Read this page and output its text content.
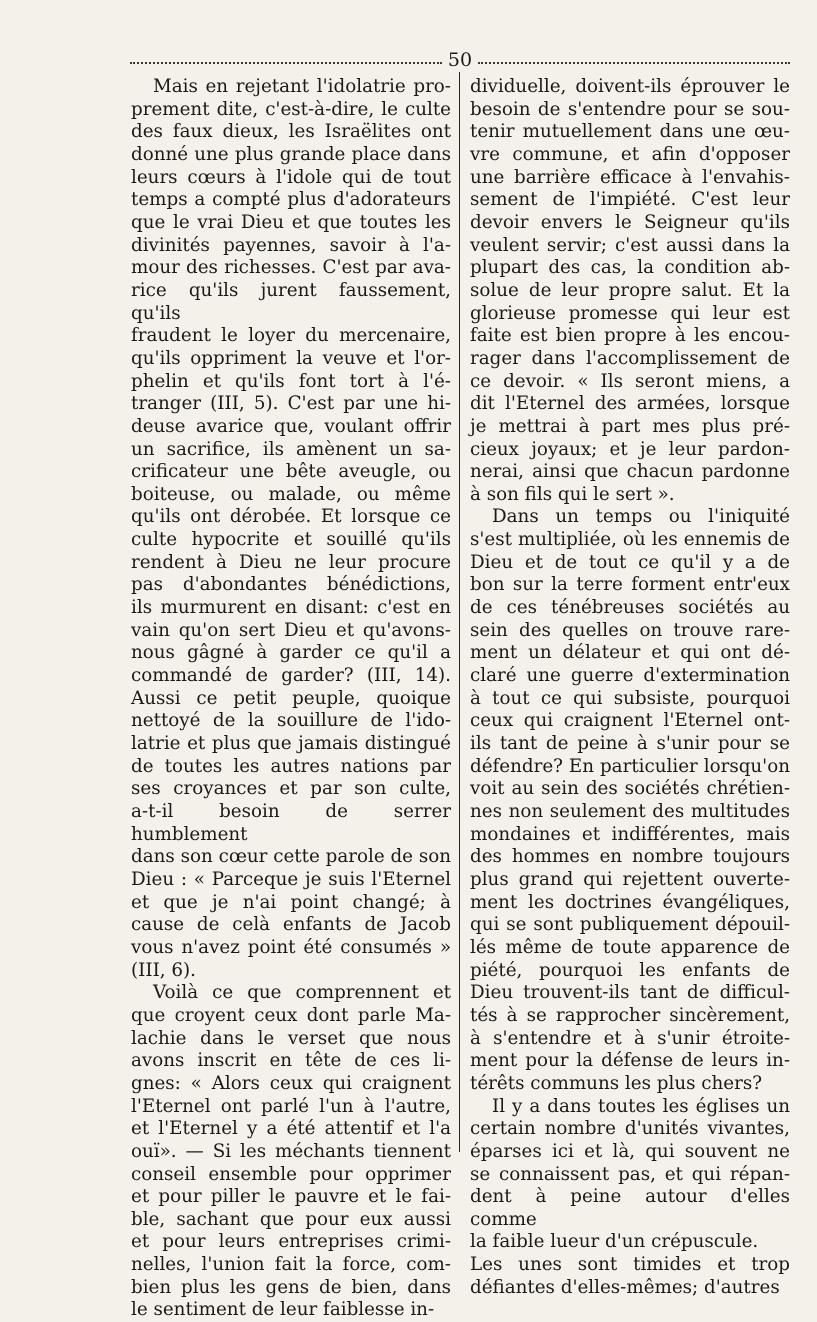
50
Mais en rejetant l'idolatrie pro-
prement dite, c'est-à-dire, le culte
des faux dieux, les Israëlites ont
donné une plus grande place dans
leurs cœurs à l'idole qui de tout
temps a compté plus d'adorateurs
que le vrai Dieu et que toutes les
divinités payennes, savoir à l'a-
mour des richesses. C'est par ava-
rice qu'ils jurent faussement, qu'ils
fraudent le loyer du mercenaire,
qu'ils oppriment la veuve et l'or-
phelin et qu'ils font tort à l'é-
tranger (III, 5). C'est par une hi-
deuse avarice que, voulant offrir
un sacrifice, ils amènent un sa-
crificateur une bête aveugle, ou
boiteuse, ou malade, ou même
qu'ils ont dérobée. Et lorsque ce
culte hypocrite et souillé qu'ils
rendent à Dieu ne leur procure
pas d'abondantes bénédictions,
ils murmurent en disant: c'est en
vain qu'on sert Dieu et qu'avons-
nous gâgné à garder ce qu'il a
commandé de garder? (III, 14).
Aussi ce petit peuple, quoique
nettoyé de la souillure de l'ido-
latrie et plus que jamais distingué
de toutes les autres nations par
ses croyances et par son culte,
a-t-il besoin de serrer humblement
dans son cœur cette parole de son
Dieu : « Parceque je suis l'Eternel
et que je n'ai point changé; à
cause de celà enfants de Jacob
vous n'avez point été consumés »
(III, 6).
Voilà ce que comprennent et
que croyent ceux dont parle Ma-
lachie dans le verset que nous
avons inscrit en tête de ces li-
gnes: « Alors ceux qui craignent
l'Eternel ont parlé l'un à l'autre,
et l'Eternel y a été attentif et l'a
ouï». — Si les méchants tiennent
conseil ensemble pour opprimer
et pour piller le pauvre et le fai-
ble, sachant que pour eux aussi
et pour leurs entreprises crimi-
nelles, l'union fait la force, com-
bien plus les gens de bien, dans
le sentiment de leur faiblesse in-
dividuelle, doivent-ils éprouver le
besoin de s'entendre pour se sou-
tenir mutuellement dans une œu-
vre commune, et afin d'opposer
une barrière efficace à l'envahis-
sement de l'impiété. C'est leur
devoir envers le Seigneur qu'ils
veulent servir; c'est aussi dans la
plupart des cas, la condition ab-
solue de leur propre salut. Et la
glorieuse promesse qui leur est
faite est bien propre à les encou-
rager dans l'accomplissement de
ce devoir. « Ils seront miens, a
dit l'Eternel des armées, lorsque
je mettrai à part mes plus pré-
cieux joyaux; et je leur pardon-
nerai, ainsi que chacun pardonne
à son fils qui le sert ».
Dans un temps ou l'iniquité
s'est multipliée, où les ennemis de
Dieu et de tout ce qu'il y a de
bon sur la terre forment entr'eux
de ces ténébreuses sociétés au
sein des quelles on trouve rare-
ment un délateur et qui ont dé-
claré une guerre d'extermination
à tout ce qui subsiste, pourquoi
ceux qui craignent l'Eternel ont-
ils tant de peine à s'unir pour se
défendre? En particulier lorsqu'on
voit au sein des sociétés chrétien-
nes non seulement des multitudes
mondaines et indifférentes, mais
des hommes en nombre toujours
plus grand qui rejettent ouverte-
ment les doctrines évangéliques,
qui se sont publiquement dépouil-
lés même de toute apparence de
piété, pourquoi les enfants de
Dieu trouvent-ils tant de difficul-
tés à se rapprocher sincèrement,
à s'entendre et à s'unir étroite-
ment pour la défense de leurs in-
térêts communs les plus chers?
Il y a dans toutes les églises un
certain nombre d'unités vivantes,
éparses ici et là, qui souvent ne
se connaissent pas, et qui répan-
dent à peine autour d'elles comme
la faible lueur d'un crépuscule.
Les unes sont timides et trop
défiantes d'elles-mêmes; d'autres
